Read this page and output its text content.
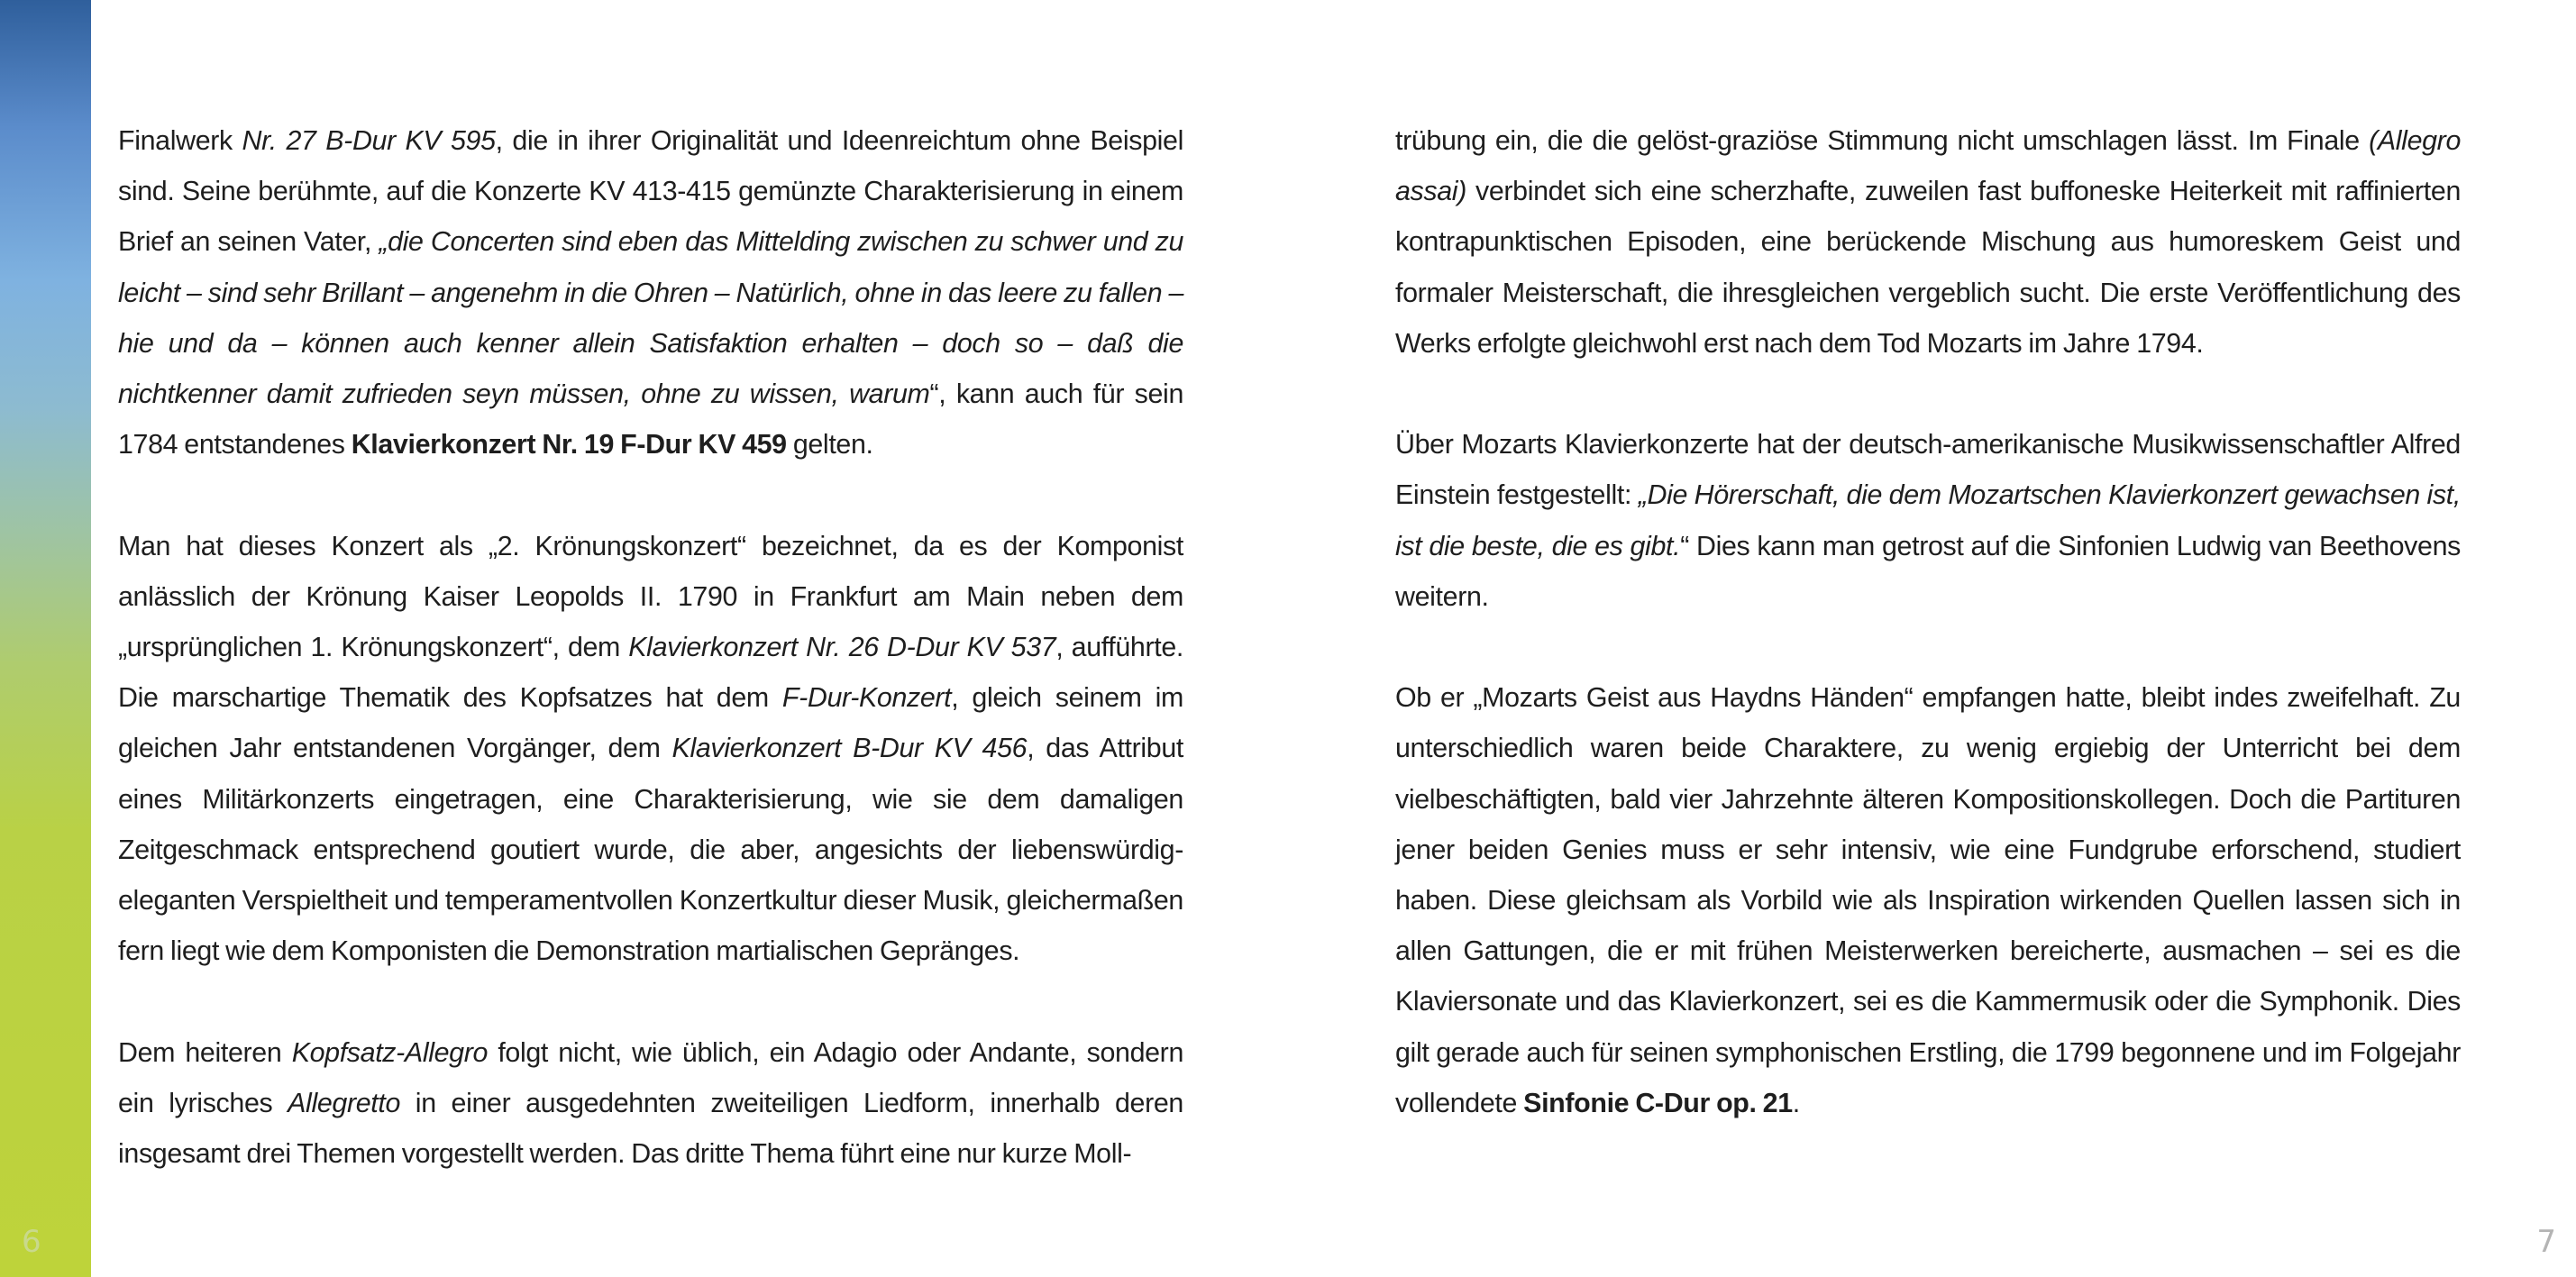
Finalwerk Nr. 27 B-Dur KV 595, die in ihrer Originalität und Ideenreichtum ohne Beispiel sind. Seine berühmte, auf die Konzerte KV 413-415 gemünzte Charakterisierung in einem Brief an seinen Vater, „die Concerten sind eben das Mittelding zwischen zu schwer und zu leicht – sind sehr Brillant – angenehm in die Ohren – Natürlich, ohne in das leere zu fallen – hie und da – können auch kenner allein Satisfaktion erhalten – doch so – daß die nichtkenner damit zufrieden seyn müssen, ohne zu wissen, warum“, kann auch für sein 1784 entstandenes Klavierkonzert Nr. 19 F-Dur KV 459 gelten.

Man hat dieses Konzert als „2. Krönungskonzert“ bezeichnet, da es der Komponist anlässlich der Krönung Kaiser Leopolds II. 1790 in Frankfurt am Main neben dem „ursprünglichen 1. Krönungskonzert“, dem Klavierkonzert Nr. 26 D-Dur KV 537, aufführte. Die marschartige Thematik des Kopfsatzes hat dem F-Dur-Konzert, gleich seinem im gleichen Jahr entstandenen Vorgänger, dem Klavierkonzert B-Dur KV 456, das Attribut eines Militärkonzerts eingetragen, eine Charakterisierung, wie sie dem damaligen Zeitgeschmack entsprechend goutiert wurde, die aber, angesichts der liebenswürdig-eleganten Verspieltheit und temperamentvollen Konzertkultur dieser Musik, gleichermaßen fern liegt wie dem Komponisten die Demonstration martialischen Gepränges.

Dem heiteren Kopfsatz-Allegro folgt nicht, wie üblich, ein Adagio oder Andante, sondern ein lyrisches Allegretto in einer ausgedehnten zweiteiligen Liedform, innerhalb deren insgesamt drei Themen vorgestellt werden. Das dritte Thema führt eine nur kurze Moll-

trübung ein, die die gelöst-graziöse Stimmung nicht umschlagen lässt. Im Finale (Allegro assai) verbindet sich eine scherzhafte, zuweilen fast buffoneske Heiterkeit mit raffinierten kontrapunktischen Episoden, eine berückende Mischung aus humoreskem Geist und formaler Meisterschaft, die ihresgleichen vergeblich sucht. Die erste Veröffentlichung des Werks erfolgte gleichwohl erst nach dem Tod Mozarts im Jahre 1794.

Über Mozarts Klavierkonzerte hat der deutsch-amerikanische Musikwissenschaftler Alfred Einstein festgestellt: „Die Hörerschaft, die dem Mozartschen Klavierkonzert gewachsen ist, ist die beste, die es gibt.“ Dies kann man getrost auf die Sinfonien Ludwig van Beethovens weitern.

Ob er „Mozarts Geist aus Haydns Händen“ empfangen hatte, bleibt indes zweifelhaft. Zu unterschiedlich waren beide Charaktere, zu wenig ergiebig der Unterricht bei dem vielbeschäftigten, bald vier Jahrzehnte älteren Kompositionskollegen. Doch die Partituren jener beiden Genies muss er sehr intensiv, wie eine Fundgrube erforschend, studiert haben. Diese gleichsam als Vorbild wie als Inspiration wirkenden Quellen lassen sich in allen Gattungen, die er mit frühen Meisterwerken bereicherte, ausmachen – sei es die Klaviersonate und das Klavierkonzert, sei es die Kammermusik oder die Symphonik. Dies gilt gerade auch für seinen symphonischen Erstling, die 1799 begonnene und im Folgejahr vollendete Sinfonie C-Dur op. 21.

6	7
